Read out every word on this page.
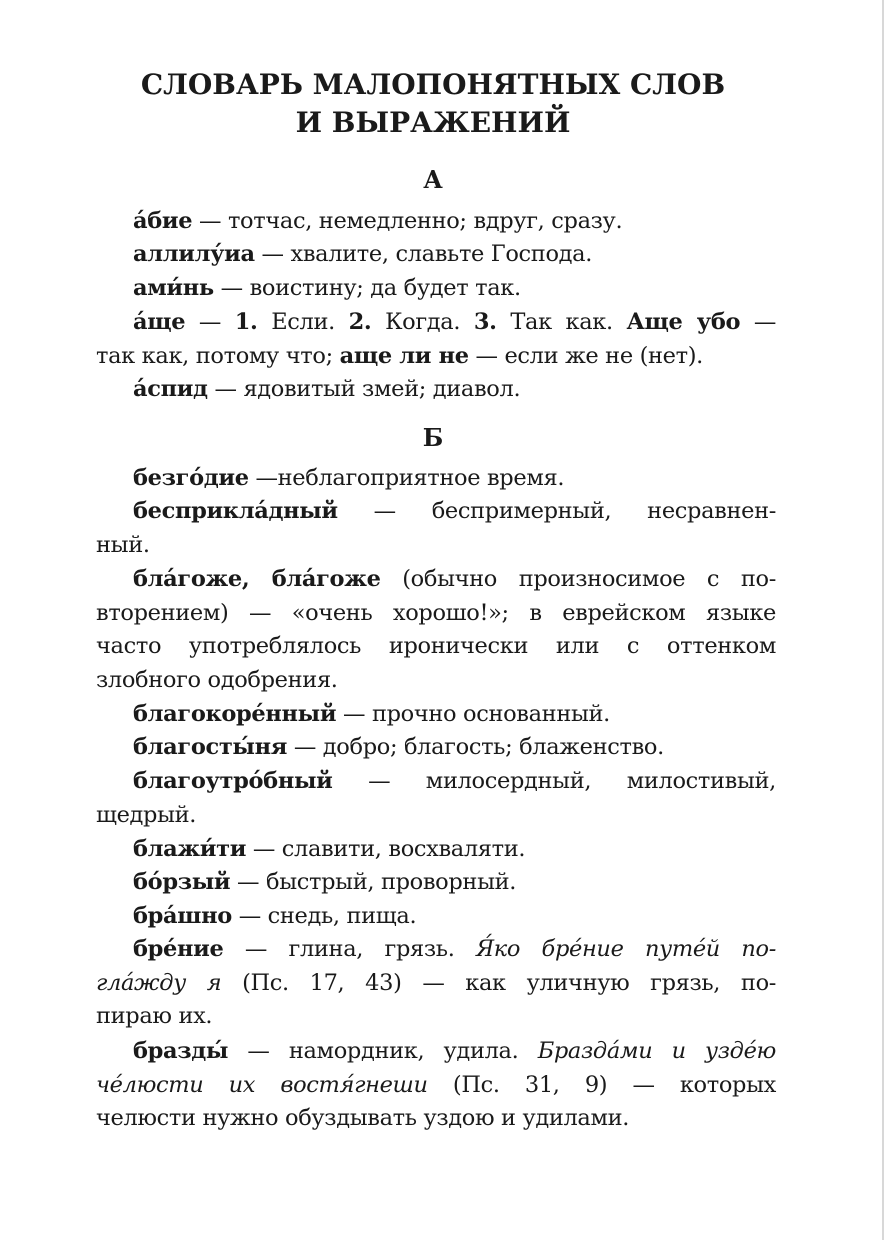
СЛОВАРЬ МАЛОПОНЯТНЫХ СЛОВ
И ВЫРАЖЕНИЙ
А
а́бие — тотчас, немедленно; вдруг, сразу.
аллилу́иа — хвалите, славьте Господа.
ами́нь — воистину; да будет так.
а́ще — 1. Если. 2. Когда. 3. Так как. Аще убо —
так как, потому что; аще ли не — если же не (нет).
а́спид — ядовитый змей; диавол.
Б
безго́дие —неблагоприятное время.
бесприкла́дный — беспримерный, несравнен-
ный.
бла́гоже, бла́гоже (обычно произносимое с по-
вторением) — «очень хорошо!»; в еврейском языке
часто употреблялось иронически или с оттенком
злобного одобрения.
благокоре́нный — прочно основанный.
благосты́ня — добро; благость; блаженство.
благоутро́бный — милосердный, милостивый,
щедрый.
блажи́ти — славити, восхваляти.
бо́рзый — быстрый, проворный.
бра́шно — снедь, пища.
бре́ние — глина, грязь. Я́ко бре́ние путе́й по-
гла́жду я (Пс. 17, 43) — как уличную грязь, по-
пираю их.
бразды́ — намордник, удила. Бразда́ми и узде́ю
че́люсти их востя́гнеши (Пс. 31, 9) — которых
челюсти нужно обуздывать уздою и удилами.
